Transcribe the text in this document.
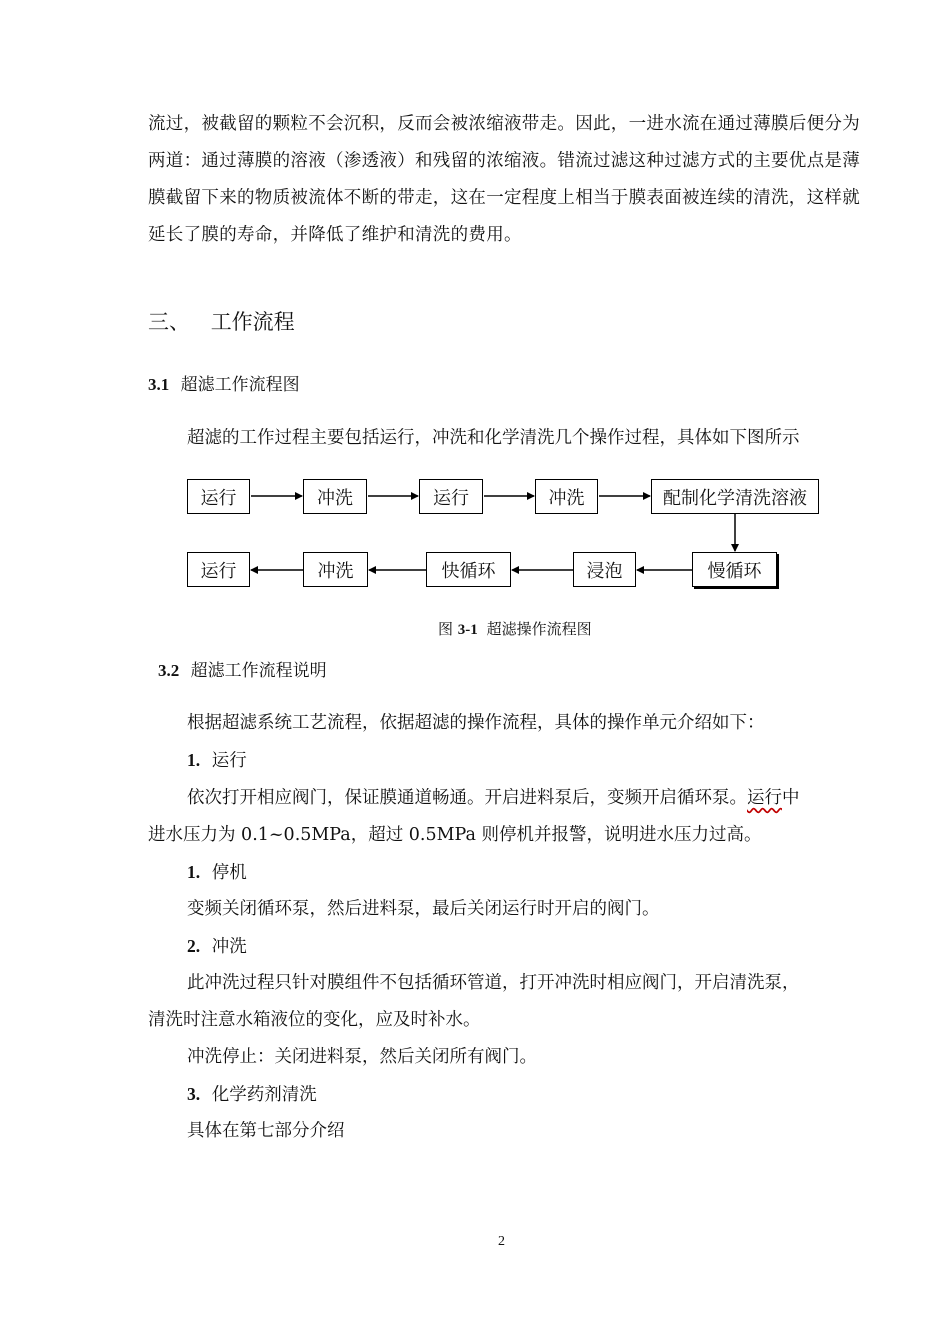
流过，被截留的颗粒不会沉积，反而会被浓缩液带走。因此，一进水流在通过薄膜后便分为两道：通过薄膜的溶液（渗透液）和残留的浓缩液。错流过滤这种过滤方式的主要优点是薄膜截留下来的物质被流体不断的带走，这在一定程度上相当于膜表面被连续的清洗，这样就延长了膜的寿命，并降低了维护和清洗的费用。

三、 工作流程
3.1 超滤工作流程图
超滤的工作过程主要包括运行，冲洗和化学清洗几个操作过程，具体如下图所示
运行	冲洗	运行	冲洗	配制化学清洗溶液
运行	冲洗	快循环	浸泡	慢循环
图 3-1 超滤操作流程图
3.2 超滤工作流程说明
根据超滤系统工艺流程，依据超滤的操作流程，具体的操作单元介绍如下：
1. 运行
依次打开相应阀门，保证膜通道畅通。开启进料泵后，变频开启循环泵。运行中
进水压力为 0.1~0.5MPa，超过 0.5MPa 则停机并报警，说明进水压力过高。
1. 停机
变频关闭循环泵，然后进料泵，最后关闭运行时开启的阀门。
2. 冲洗
此冲洗过程只针对膜组件不包括循环管道，打开冲洗时相应阀门，开启清洗泵，
清洗时注意水箱液位的变化，应及时补水。
冲洗停止：关闭进料泵，然后关闭所有阀门。
3. 化学药剂清洗
具体在第七部分介绍
2
